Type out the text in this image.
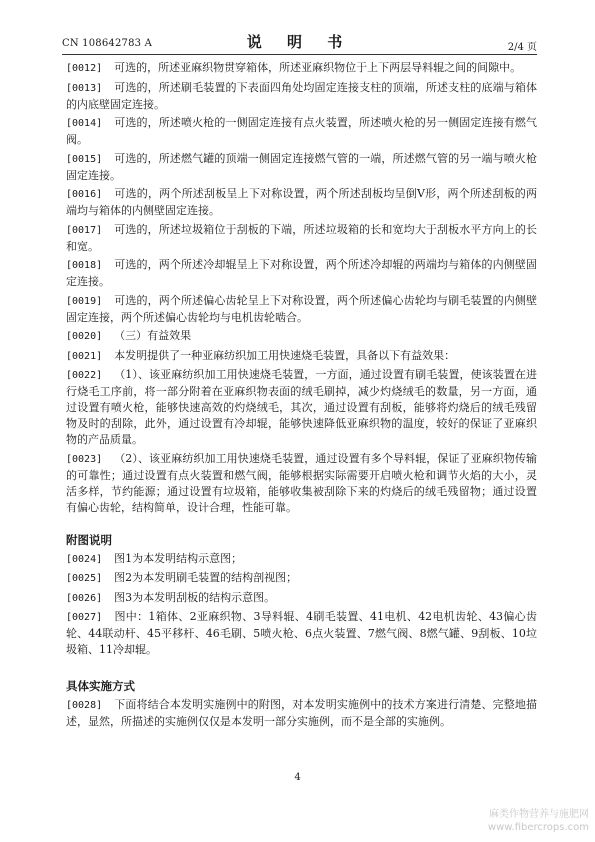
CN 108642783 A	说 明 书	2/4 页
[0012] 可选的，所述亚麻织物贯穿箱体，所述亚麻织物位于上下两层导料辊之间的间隙中。
[0013] 可选的，所述刷毛装置的下表面四角处均固定连接支柱的顶端，所述支柱的底端与箱体的内底壁固定连接。
[0014] 可选的，所述喷火枪的一侧固定连接有点火装置，所述喷火枪的另一侧固定连接有燃气阀。
[0015] 可选的，所述燃气罐的顶端一侧固定连接燃气管的一端，所述燃气管的另一端与喷火枪固定连接。
[0016] 可选的，两个所述刮板呈上下对称设置，两个所述刮板均呈倒V形，两个所述刮板的两端均与箱体的内侧壁固定连接。
[0017] 可选的，所述垃圾箱位于刮板的下端，所述垃圾箱的长和宽均大于刮板水平方向上的长和宽。
[0018] 可选的，两个所述冷却辊呈上下对称设置，两个所述冷却辊的两端均与箱体的内侧壁固定连接。
[0019] 可选的，两个所述偏心齿轮呈上下对称设置，两个所述偏心齿轮均与刷毛装置的内侧壁固定连接，两个所述偏心齿轮均与电机齿轮啮合。
[0020] （三）有益效果
[0021] 本发明提供了一种亚麻纺织加工用快速烧毛装置，具备以下有益效果：
[0022] （1）、该亚麻纺织加工用快速烧毛装置，一方面，通过设置有刷毛装置，使该装置在进行烧毛工序前，将一部分附着在亚麻织物表面的绒毛刷掉，减少灼烧绒毛的数量，另一方面，通过设置有喷火枪，能够快速高效的灼烧绒毛，其次，通过设置有刮板，能够将灼烧后的绒毛残留物及时的刮除，此外，通过设置有冷却辊，能够快速降低亚麻织物的温度，较好的保证了亚麻织物的产品质量。
[0023] （2）、该亚麻纺织加工用快速烧毛装置，通过设置有多个导料辊，保证了亚麻织物传输的可靠性；通过设置有点火装置和燃气阀，能够根据实际需要开启喷火枪和调节火焰的大小，灵活多样，节约能源；通过设置有垃圾箱，能够收集被刮除下来的灼烧后的绒毛残留物；通过设置有偏心齿轮，结构简单，设计合理，性能可靠。
附图说明
[0024] 图1为本发明结构示意图；
[0025] 图2为本发明刷毛装置的结构剖视图；
[0026] 图3为本发明刮板的结构示意图。
[0027] 图中：1箱体、2亚麻织物、3导料辊、4刷毛装置、41电机、42电机齿轮、43偏心齿轮、44联动杆、45平移杆、46毛刷、5喷火枪、6点火装置、7燃气阀、8燃气罐、9刮板、10垃圾箱、11冷却辊。
具体实施方式
[0028] 下面将结合本发明实施例中的附图，对本发明实施例中的技术方案进行清楚、完整地描述，显然，所描述的实施例仅仅是本发明一部分实施例，而不是全部的实施例。
4
麻类作物营养与施肥网
www.fibercrops.com
